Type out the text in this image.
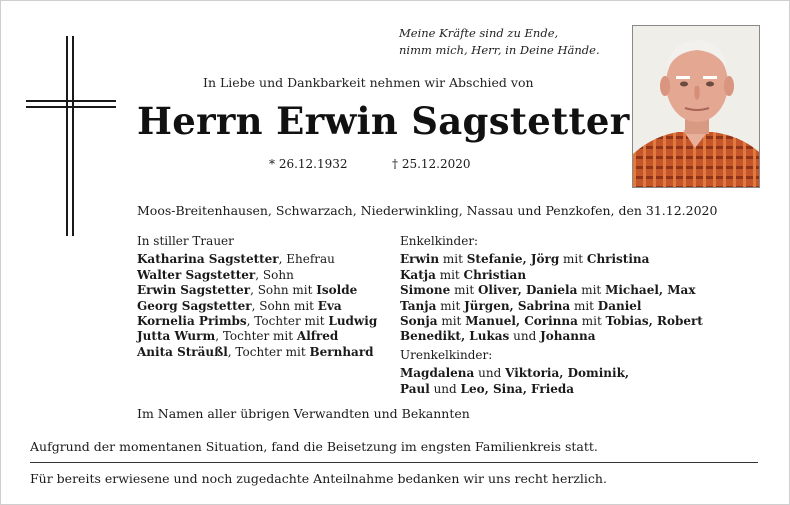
Meine Kräfte sind zu Ende,
nimm mich, Herr, in Deine Hände.
In Liebe und Dankbarkeit nehmen wir Abschied von
Herrn Erwin Sagstetter
* 26.12.1932	† 25.12.2020
Moos-Breitenhausen, Schwarzach, Niederwinkling, Nassau und Penzkofen, den 31.12.2020
In stiller Trauer
Katharina Sagstetter, Ehefrau
Walter Sagstetter, Sohn
Erwin Sagstetter, Sohn mit Isolde
Georg Sagstetter, Sohn mit Eva
Kornelia Primbs, Tochter mit Ludwig
Jutta Wurm, Tochter mit Alfred
Anita Sträußl, Tochter mit Bernhard
Enkelkinder:
Erwin mit Stefanie, Jörg mit Christina
Katja mit Christian
Simone mit Oliver, Daniela mit Michael, Max
Tanja mit Jürgen, Sabrina mit Daniel
Sonja mit Manuel, Corinna mit Tobias, Robert
Benedikt, Lukas und Johanna
Urenkelkinder:
Magdalena und Viktoria, Dominik,
Paul und Leo, Sina, Frieda
Im Namen aller übrigen Verwandten und Bekannten
Aufgrund der momentanen Situation, fand die Beisetzung im engsten Familienkreis statt.
Für bereits erwiesene und noch zugedachte Anteilnahme bedanken wir uns recht herzlich.
